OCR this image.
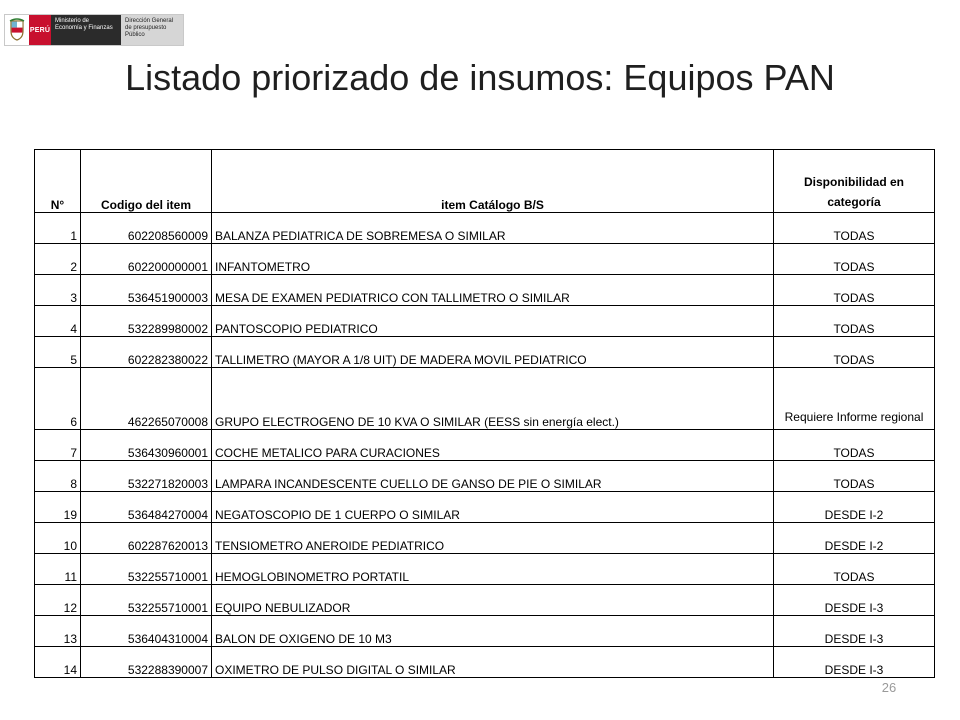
PERÚ
Ministerio de Economía y Finanzas
Dirección General de presupuesto Público
Listado priorizado de insumos: Equipos PAN
N°	Codigo del item	item Catálogo B/S	Disponibilidad en categoría
1	602208560009	BALANZA PEDIATRICA DE SOBREMESA O SIMILAR	TODAS
2	602200000001	INFANTOMETRO	TODAS
3	536451900003	MESA DE EXAMEN PEDIATRICO CON TALLIMETRO O SIMILAR	TODAS
4	532289980002	PANTOSCOPIO PEDIATRICO	TODAS
5	602282380022	TALLIMETRO (MAYOR A 1/8 UIT) DE MADERA MOVIL PEDIATRICO	TODAS
6	462265070008	GRUPO ELECTROGENO DE 10 KVA O SIMILAR (EESS sin energía elect.)	Requiere Informe regional
7	536430960001	COCHE METALICO PARA CURACIONES	TODAS
8	532271820003	LAMPARA INCANDESCENTE CUELLO DE GANSO DE PIE O SIMILAR	TODAS
19	536484270004	NEGATOSCOPIO DE 1 CUERPO O SIMILAR	DESDE I-2
10	602287620013	TENSIOMETRO ANEROIDE PEDIATRICO	DESDE I-2
11	532255710001	HEMOGLOBINOMETRO PORTATIL	TODAS
12	532255710001	EQUIPO NEBULIZADOR	DESDE I-3
13	536404310004	BALON DE OXIGENO DE 10 M3	DESDE I-3
14	532288390007	OXIMETRO DE PULSO DIGITAL O SIMILAR	DESDE I-3
26
